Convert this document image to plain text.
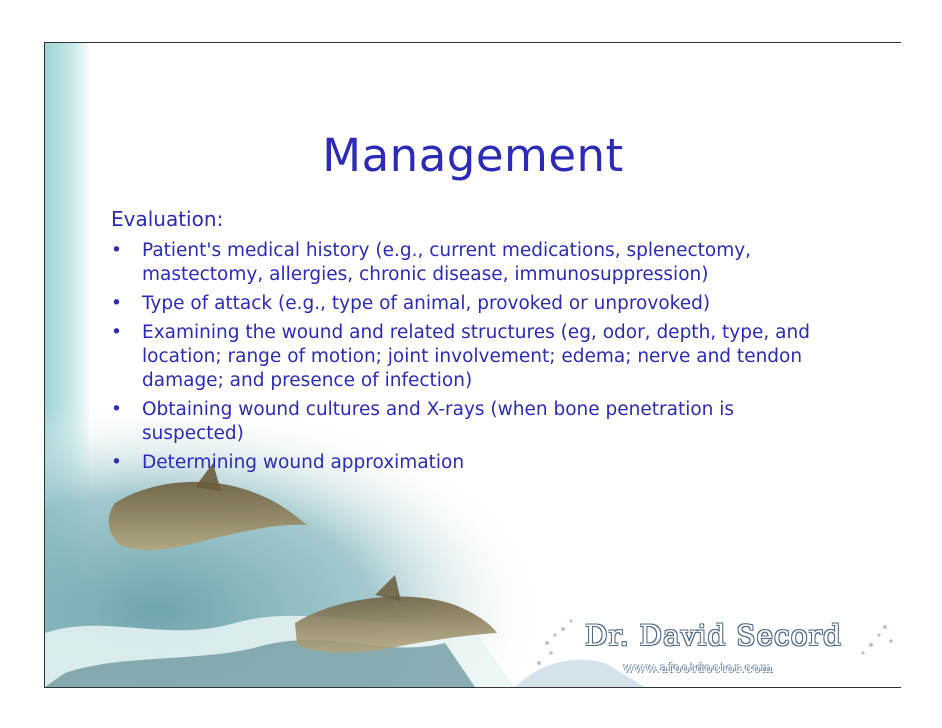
Management
Evaluation:
• Patient's medical history (e.g., current medications, splenectomy, mastectomy, allergies, chronic disease, immunosuppression)
• Type of attack (e.g., type of animal, provoked or unprovoked)
• Examining the wound and related structures (eg, odor, depth, type, and location; range of motion; joint involvement; edema; nerve and tendon damage; and presence of infection)
• Obtaining wound cultures and X-rays (when bone penetration is suspected)
• Determining wound approximation
Dr. David Secord
www.afootdoctor.com
